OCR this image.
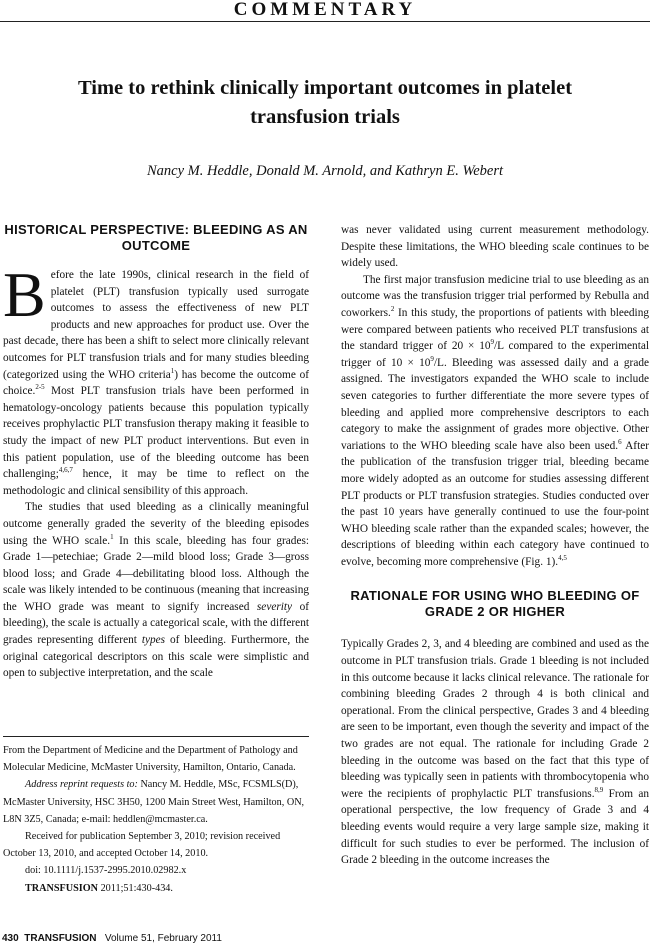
COMMENTARY
Time to rethink clinically important outcomes in platelet transfusion trials
Nancy M. Heddle, Donald M. Arnold, and Kathryn E. Webert
HISTORICAL PERSPECTIVE: BLEEDING AS AN OUTCOME

Before the late 1990s, clinical research in the field of platelet (PLT) transfusion typically used surrogate outcomes to assess the effectiveness of new PLT products and new approaches for product use. Over the past decade, there has been a shift to select more clinically relevant outcomes for PLT transfusion trials and for many studies bleeding (categorized using the WHO criteria$^1$) has become the outcome of choice.$^{2-5}$ Most PLT transfusion trials have been performed in hematology-oncology patients because this population typically receives prophylactic PLT transfusion therapy making it feasible to study the impact of new PLT product interventions. But even in this patient population, use of the bleeding outcome has been challenging;$^{4,6,7}$ hence, it may be time to reflect on the methodologic and clinical sensibility of this approach.

The studies that used bleeding as a clinically meaningful outcome generally graded the severity of the bleeding episodes using the WHO scale.$^1$ In this scale, bleeding has four grades: Grade 1—petechiae; Grade 2—mild blood loss; Grade 3—gross blood loss; and Grade 4—debilitating blood loss. Although the scale was likely intended to be continuous (meaning that increasing the WHO grade was meant to signify increased severity of bleeding), the scale is actually a categorical scale, with the different grades representing different types of bleeding. Furthermore, the original categorical descriptors on this scale were simplistic and open to subjective interpretation, and the scale

From the Department of Medicine and the Department of Pathology and Molecular Medicine, McMaster University, Hamilton, Ontario, Canada.

Address reprint requests to: Nancy M. Heddle, MSc, FCSMLS(D), McMaster University, HSC 3H50, 1200 Main Street West, Hamilton, ON, L8N 3Z5, Canada; e-mail: heddlen@mcmaster.ca.

Received for publication September 3, 2010; revision received October 13, 2010, and accepted October 14, 2010.

doi: 10.1111/j.1537-2995.2010.02982.x

TRANSFUSION 2011;51:430-434.

was never validated using current measurement methodology. Despite these limitations, the WHO bleeding scale continues to be widely used.

The first major transfusion medicine trial to use bleeding as an outcome was the transfusion trigger trial performed by Rebulla and coworkers.$^2$ In this study, the proportions of patients with bleeding were compared between patients who received PLT transfusions at the standard trigger of $20 \times 10^9/L$ compared to the experimental trigger of $10 \times 10^9/L$. Bleeding was assessed daily and a grade assigned. The investigators expanded the WHO scale to include seven categories to further differentiate the more severe types of bleeding and applied more comprehensive descriptors to each category to make the assignment of grades more objective. Other variations to the WHO bleeding scale have also been used.$^6$ After the publication of the transfusion trigger trial, bleeding became more widely adopted as an outcome for studies assessing different PLT products or PLT transfusion strategies. Studies conducted over the past 10 years have generally continued to use the four-point WHO bleeding scale rather than the expanded scales; however, the descriptions of bleeding within each category have continued to evolve, becoming more comprehensive (Fig. 1).$^{4,5}$

RATIONALE FOR USING WHO BLEEDING OF GRADE 2 OR HIGHER

Typically Grades 2, 3, and 4 bleeding are combined and used as the outcome in PLT transfusion trials. Grade 1 bleeding is not included in this outcome because it lacks clinical relevance. The rationale for combining bleeding Grades 2 through 4 is both clinical and operational. From the clinical perspective, Grades 3 and 4 bleeding are seen to be important, even though the severity and impact of the two grades are not equal. The rationale for including Grade 2 bleeding in the outcome was based on the fact that this type of bleeding was typically seen in patients with thrombocytopenia who were the recipients of prophylactic PLT transfusions.$^{8,9}$ From an operational perspective, the low frequency of Grade 3 and 4 bleeding events would require a very large sample size, making it difficult for such studies to ever be performed. The inclusion of Grade 2 bleeding in the outcome increases the

430 TRANSFUSION Volume 51, February 2011
